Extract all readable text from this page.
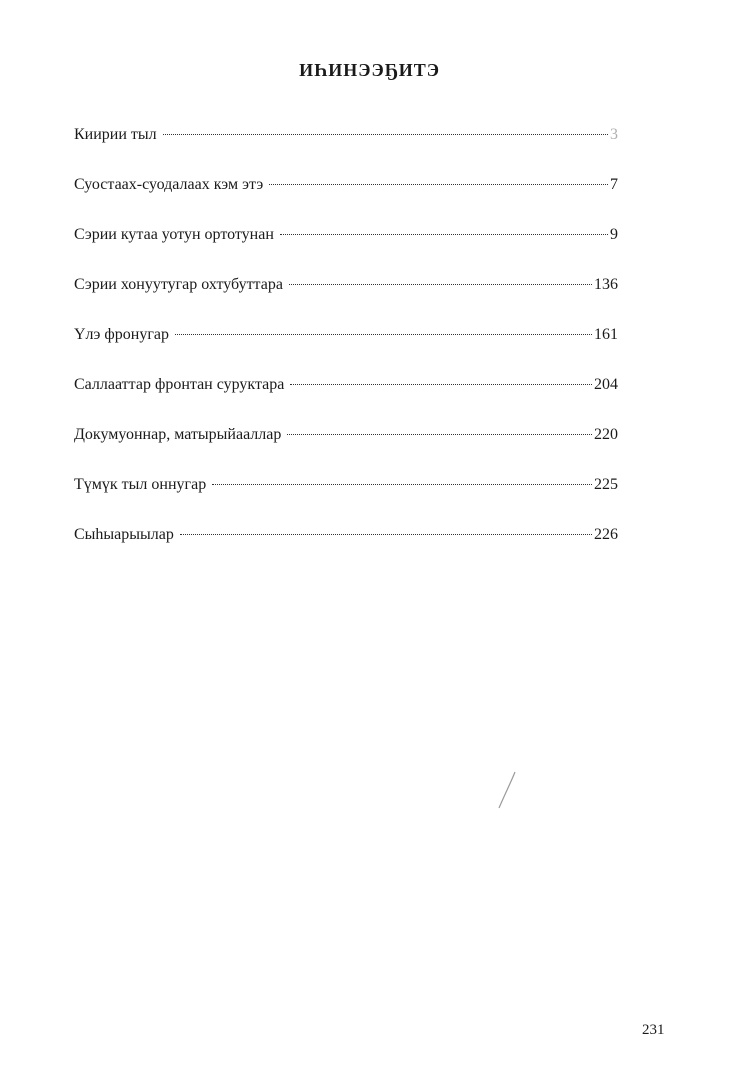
ИҺИНЭЭҔИТЭ
Киирии тыл	3
Суостаах-суодалаах кэм этэ	7
Сэрии кутаа уотун ортотунан	9
Сэрии хонуутугар охтубуттара	136
Үлэ фронугар	161
Саллааттар фронтан суруктара	204
Докумуоннар, матырыйааллар	220
Түмүк тыл оннугар	225
Сыһыарыылар	226
231
